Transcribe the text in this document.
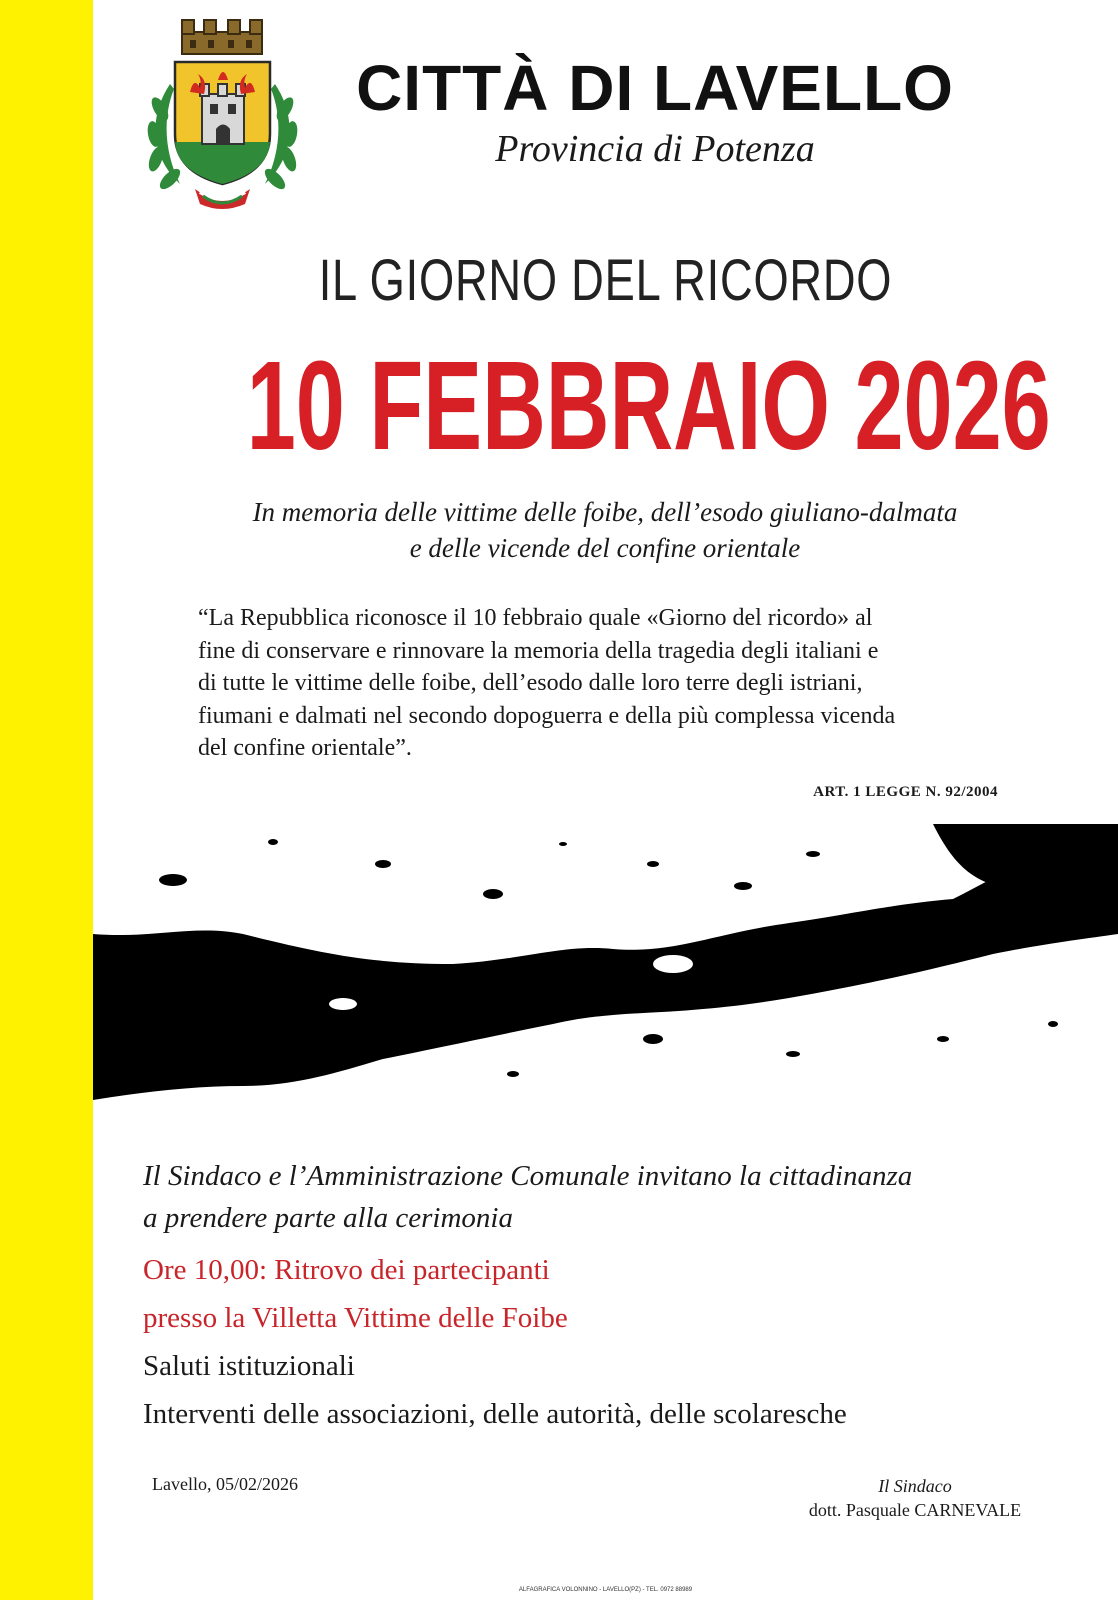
CITTÀ DI LAVELLO
Provincia di Potenza
IL GIORNO DEL RICORDO
10 FEBBRAIO 2026
In memoria delle vittime delle foibe, dell’esodo giuliano-dalmata
e delle vicende del confine orientale
“La Repubblica riconosce il 10 febbraio quale «Giorno del ricordo» al
fine di conservare e rinnovare la memoria della tragedia degli italiani e
di tutte le vittime delle foibe, dell’esodo dalle loro terre degli istriani,
fiumani e dalmati nel secondo dopoguerra e della più complessa vicenda
del confine orientale”.
ART. 1 LEGGE N. 92/2004
Il Sindaco e l’Amministrazione Comunale invitano la cittadinanza
a prendere parte alla cerimonia
Ore 10,00: Ritrovo dei partecipanti
presso la Villetta Vittime delle Foibe
Saluti istituzionali
Interventi delle associazioni, delle autorità, delle scolaresche
Lavello, 05/02/2026	Il Sindaco
dott. Pasquale CARNEVALE
ALFAGRAFICA VOLONNINO - LAVELLO(PZ) - TEL. 0972 88989
